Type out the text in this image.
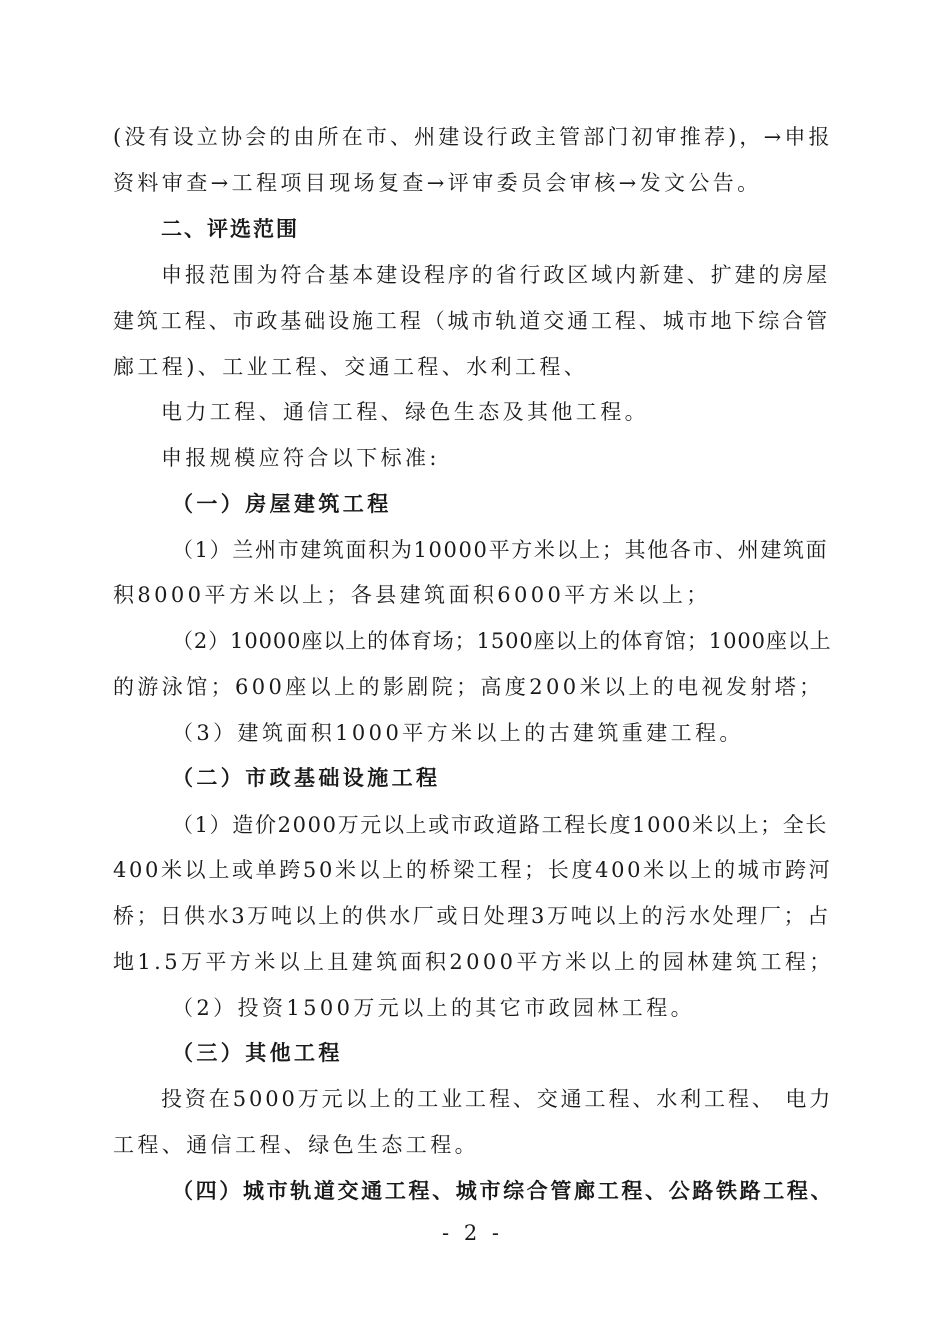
(没有设立协会的由所在市、州建设行政主管部门初审推荐)，→申报
资料审查→工程项目现场复查→评审委员会审核→发文公告。
二、评选范围
申报范围为符合基本建设程序的省行政区域内新建、扩建的房屋
建筑工程、市政基础设施工程（城市轨道交通工程、城市地下综合管
廊工程)、工业工程、交通工程、水利工程、
电力工程、通信工程、绿色生态及其他工程。
申报规模应符合以下标准:
（一）房屋建筑工程
（1）兰州市建筑面积为10000平方米以上；其他各市、州建筑面
积8000平方米以上；各县建筑面积6000平方米以上；
（2）10000座以上的体育场；1500座以上的体育馆；1000座以上
的游泳馆；600座以上的影剧院；高度200米以上的电视发射塔；
（3）建筑面积1000平方米以上的古建筑重建工程。
（二）市政基础设施工程
（1）造价2000万元以上或市政道路工程长度1000米以上；全长
400米以上或单跨50米以上的桥梁工程；长度400米以上的城市跨河
桥；日供水3万吨以上的供水厂或日处理3万吨以上的污水处理厂；占
地1.5万平方米以上且建筑面积2000平方米以上的园林建筑工程；
（2）投资1500万元以上的其它市政园林工程。
（三）其他工程
投资在5000万元以上的工业工程、交通工程、水利工程、 电力
工程、通信工程、绿色生态工程。
（四）城市轨道交通工程、城市综合管廊工程、公路铁路工程、
- 2 -
